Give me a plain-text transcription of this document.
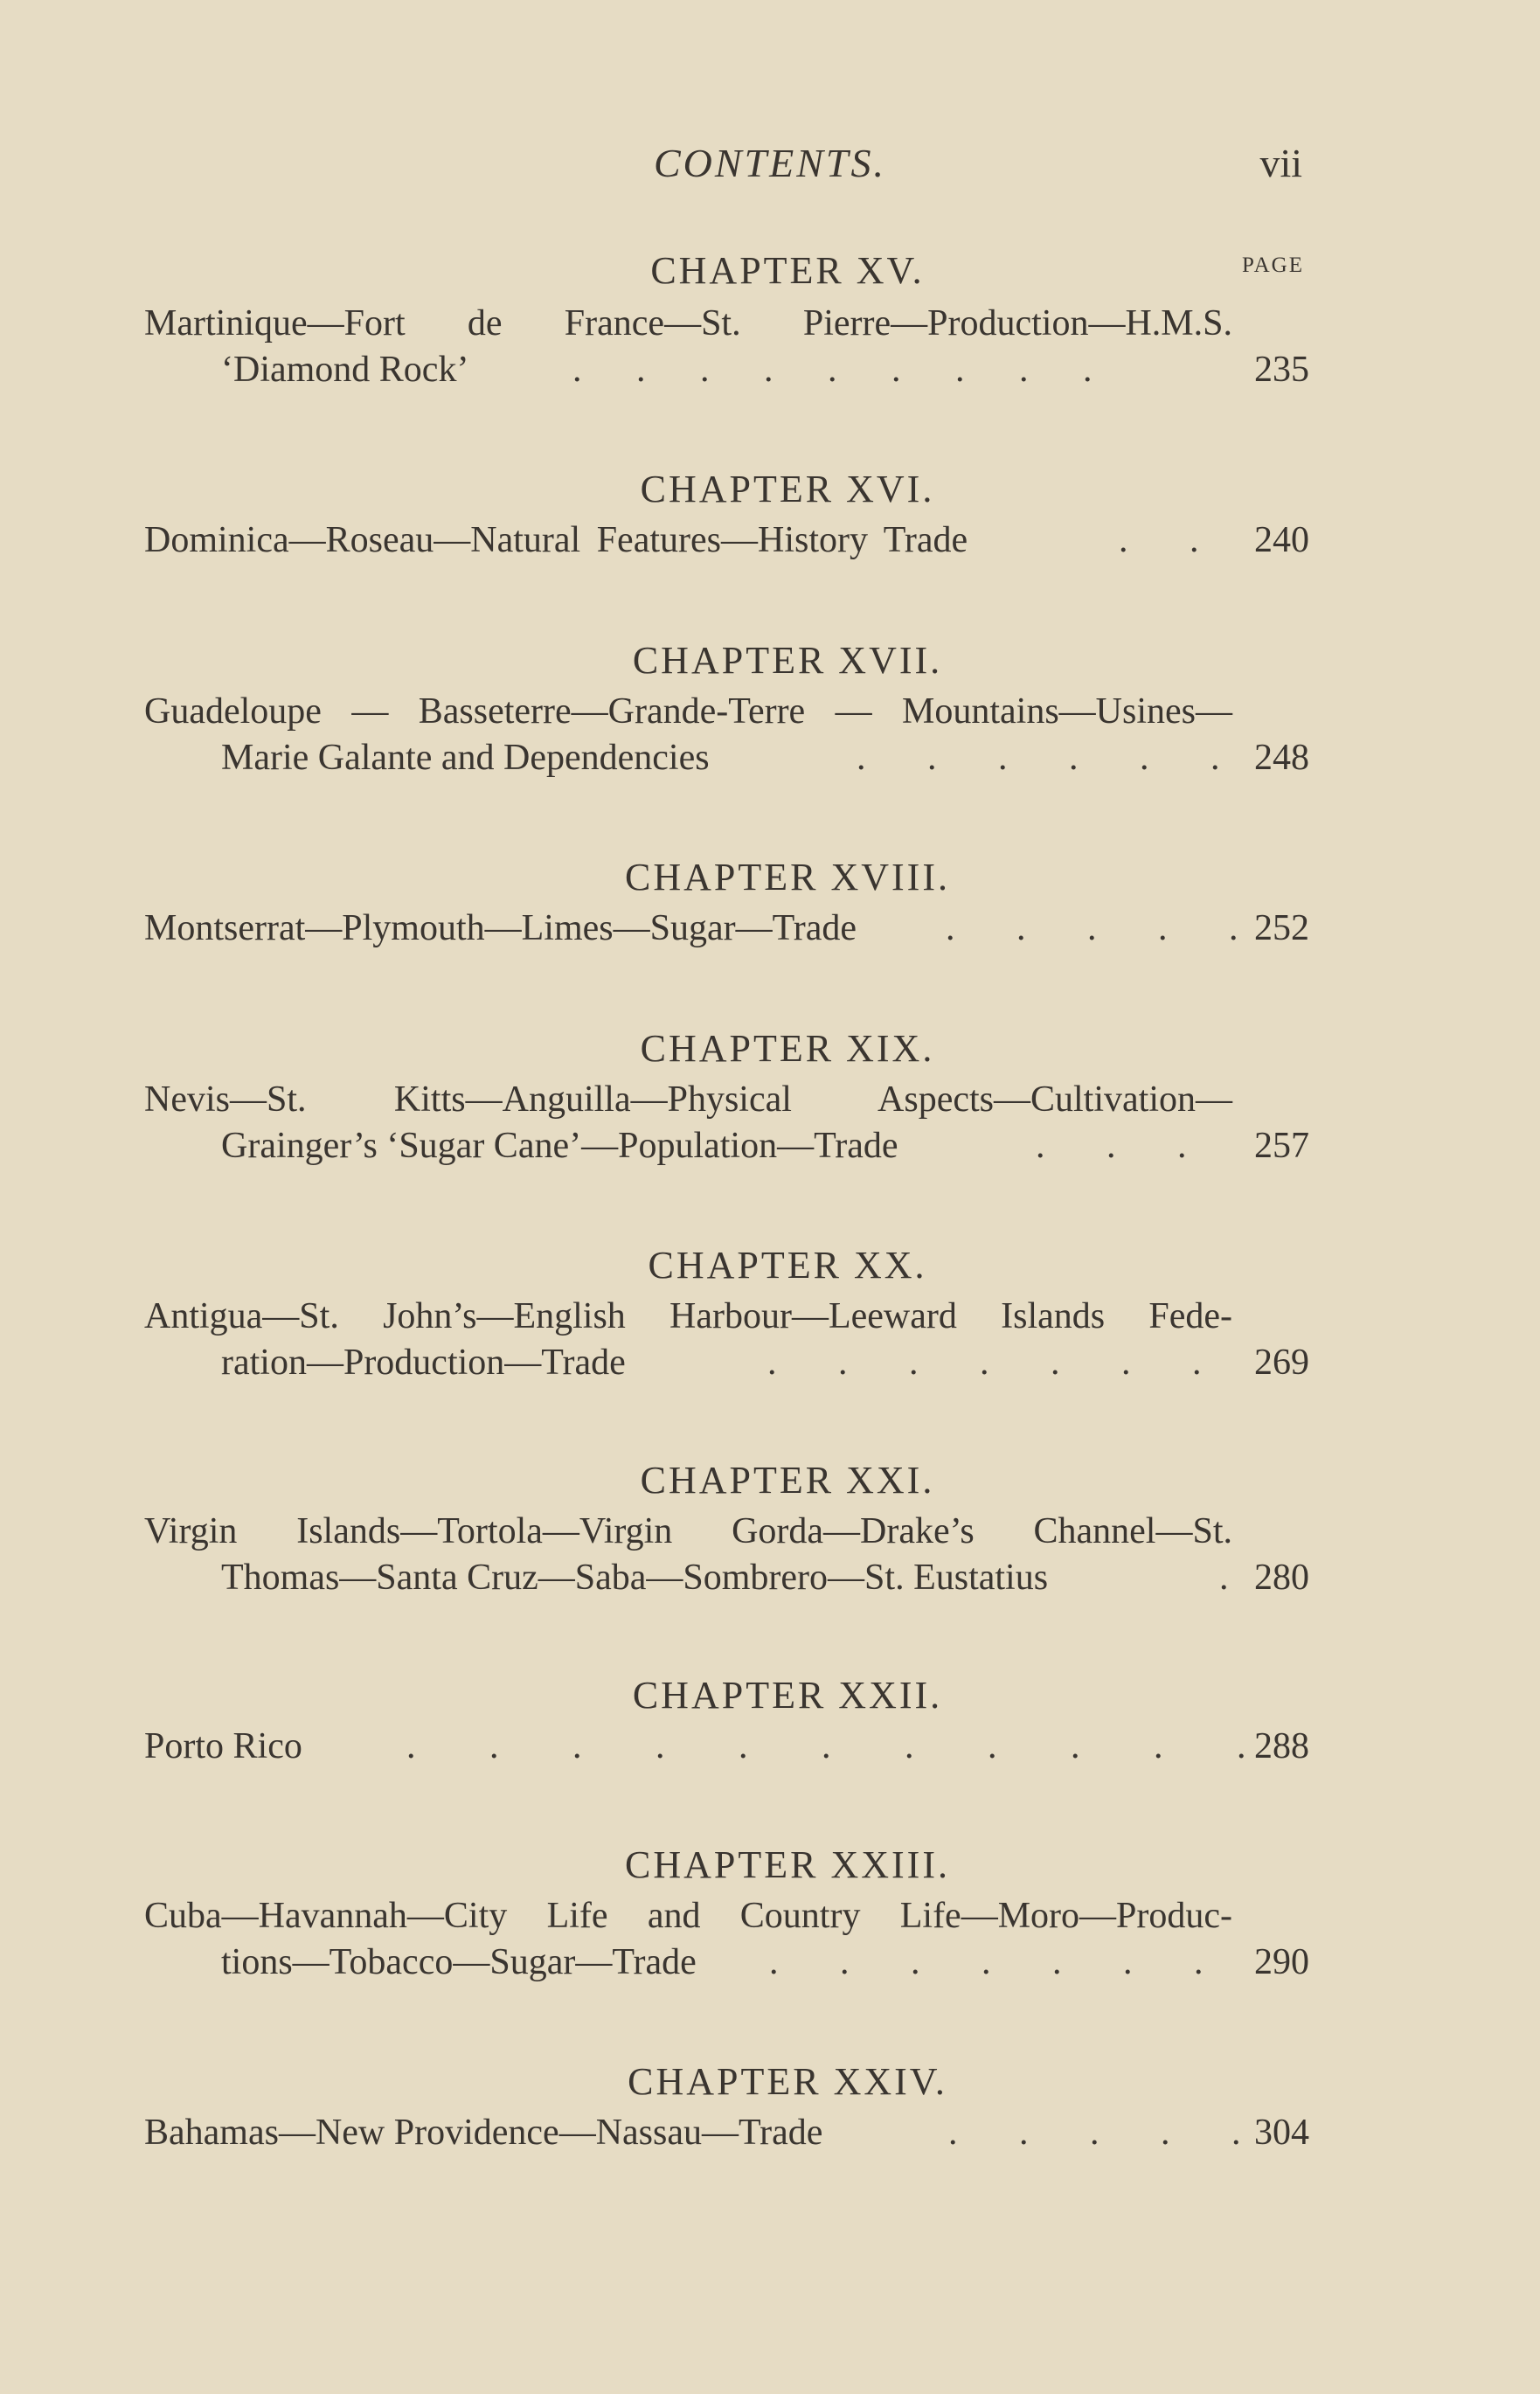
CONTENTS.	vii
PAGE
CHAPTER XV.
Martinique—Fort de France—St. Pierre—Production—H.M.S.
‘Diamond Rock’	. . . . . . . . .	235
CHAPTER XVI.
Dominica—Roseau—Natural Features—History Trade	. . 240
CHAPTER XVII.
Guadeloupe — Basseterre—Grande-Terre — Mountains—Usines—
Marie Galante and Dependencies	. . . . . . 248
CHAPTER XVIII.
Montserrat—Plymouth—Limes—Sugar—Trade . . . . . 252
CHAPTER XIX.
Nevis—St. Kitts—Anguilla—Physical Aspects—Cultivation—
Grainger’s ‘Sugar Cane’—Population—Trade	. . . 257
CHAPTER XX.
Antigua—St. John’s—English Harbour—Leeward Islands Fede-
ration—Production—Trade	. . . . . . . 269
CHAPTER XXI.
Virgin Islands—Tortola—Virgin Gorda—Drake’s Channel—St.
Thomas—Santa Cruz—Saba—Sombrero—St. Eustatius	. 280
CHAPTER XXII.
Porto Rico	. . . . . . . . . . . 288
CHAPTER XXIII.
Cuba—Havannah—City Life and Country Life—Moro—Produc-
tions—Tobacco—Sugar—Trade . . . . . . . 290
CHAPTER XXIV.
Bahamas—New Providence—Nassau—Trade	. . . . . 304
